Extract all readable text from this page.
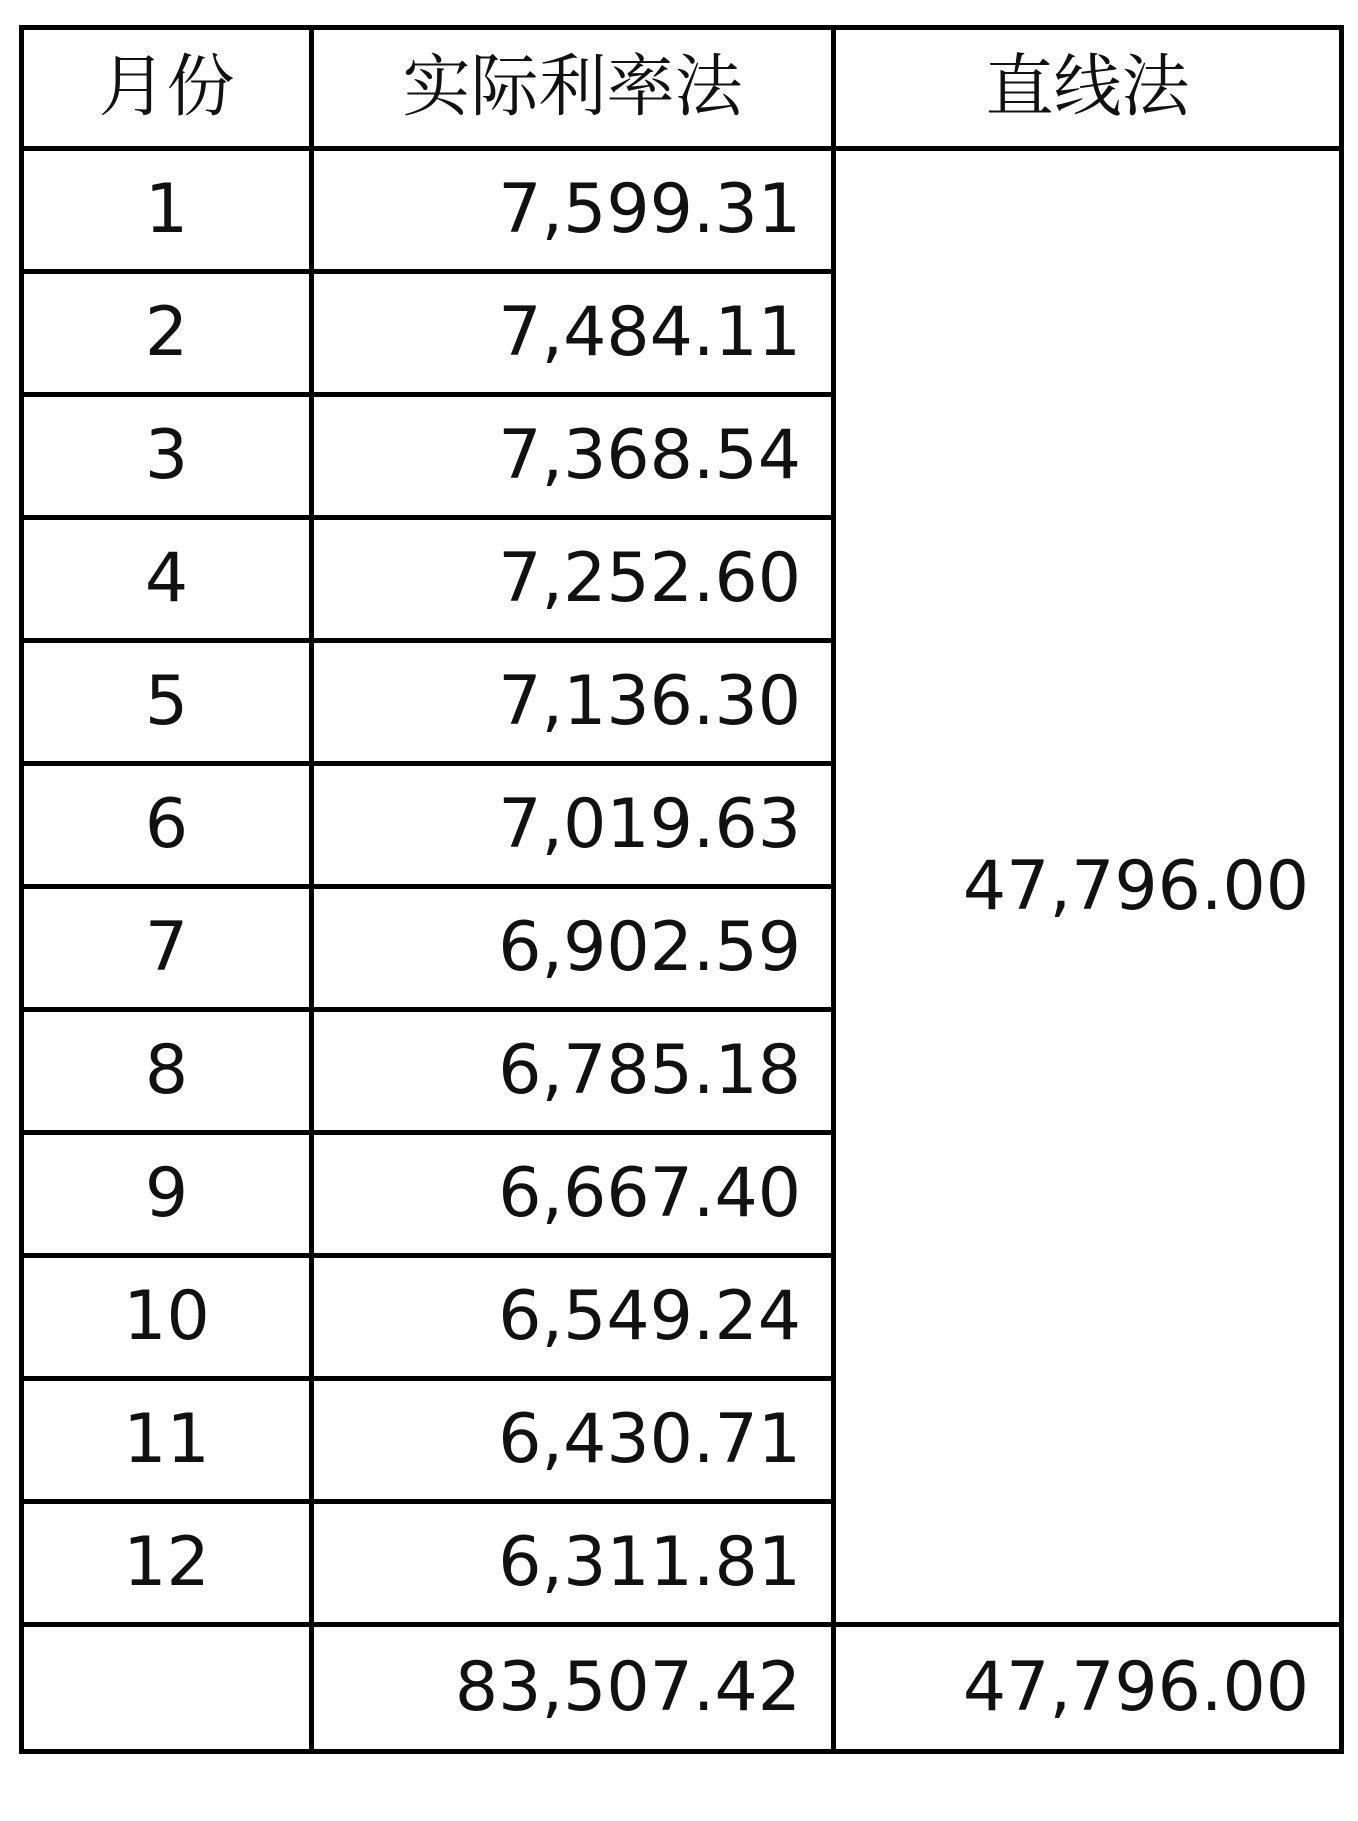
月份	实际利率法	直线法
1	7,599.31	47,796.00
2	7,484.11	
3	7,368.54	
4	7,252.60	
5	7,136.30	
6	7,019.63	
7	6,902.59	
8	6,785.18	
9	6,667.40	
10	6,549.24	
11	6,430.71	
12	6,311.81	
	83,507.42	47,796.00
